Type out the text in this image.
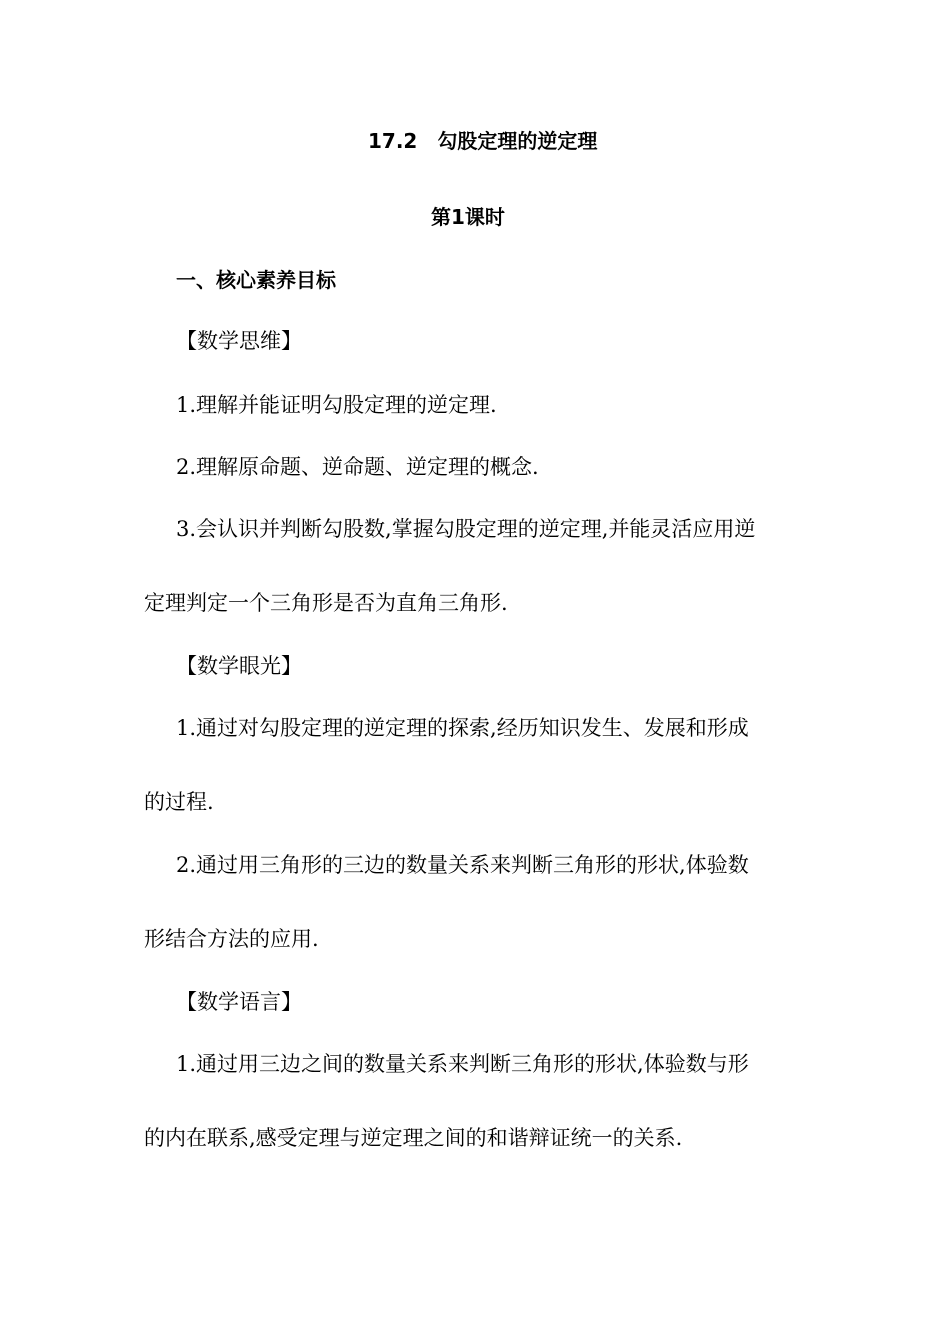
17.2　勾股定理的逆定理
第1课时
一、核心素养目标
【数学思维】
1.理解并能证明勾股定理的逆定理.
2.理解原命题、逆命题、逆定理的概念.
3.会认识并判断勾股数,掌握勾股定理的逆定理,并能灵活应用逆
定理判定一个三角形是否为直角三角形.
【数学眼光】
1.通过对勾股定理的逆定理的探索,经历知识发生、发展和形成
的过程.
2.通过用三角形的三边的数量关系来判断三角形的形状,体验数
形结合方法的应用.
【数学语言】
1.通过用三边之间的数量关系来判断三角形的形状,体验数与形
的内在联系,感受定理与逆定理之间的和谐辩证统一的关系.
